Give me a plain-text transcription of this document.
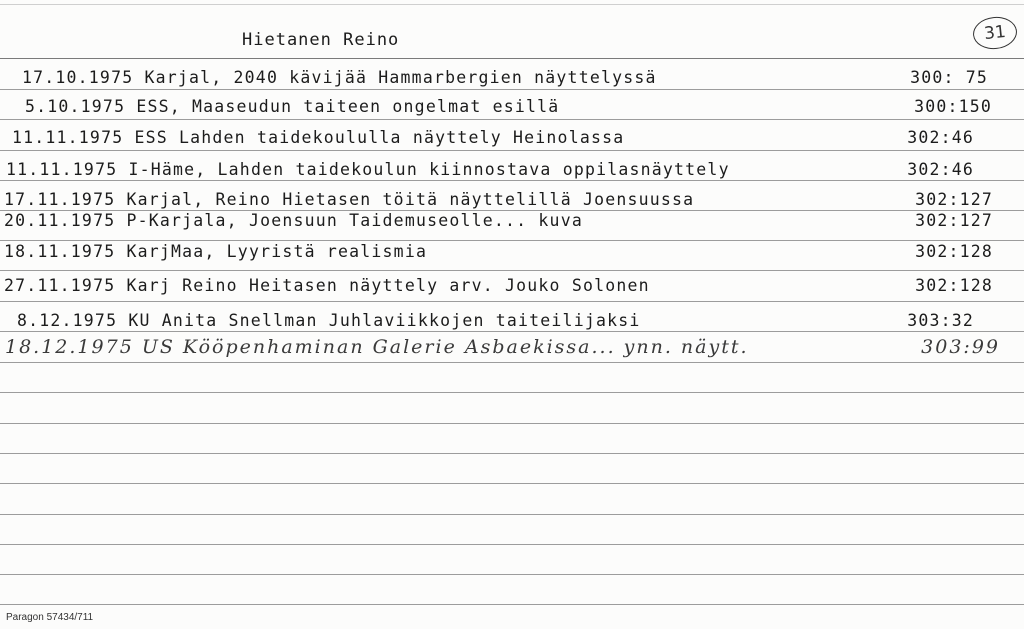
Hietanen Reino	31
17.10.1975 Karjal, 2040 kävijää Hammarbergien näyttelyssä	300: 75
5.10.1975 ESS, Maaseudun taiteen ongelmat esillä	300:150
11.11.1975 ESS Lahden taidekoululla näyttely Heinolassa	302:46
11.11.1975 I-Häme, Lahden taidekoulun kiinnostava oppilasnäyttely	302:46
17.11.1975 Karjal, Reino Hietasen töitä näyttelillä Joensuussa	302:127
20.11.1975 P-Karjala, Joensuun Taidemuseolle... kuva	302:127
18.11.1975 KarjMaa, Lyyristä realismia	302:128
27.11.1975 Karj Reino Heitasen näyttely arv. Jouko Solonen	302:128
8.12.1975 KU Anita Snellman Juhlaviikkojen taiteilijaksi	303:32
18.12.1975 US Kööpenhaminan Galerie Asbaekissa... ynn. näytt.	303:99
Paragon 57434/711
